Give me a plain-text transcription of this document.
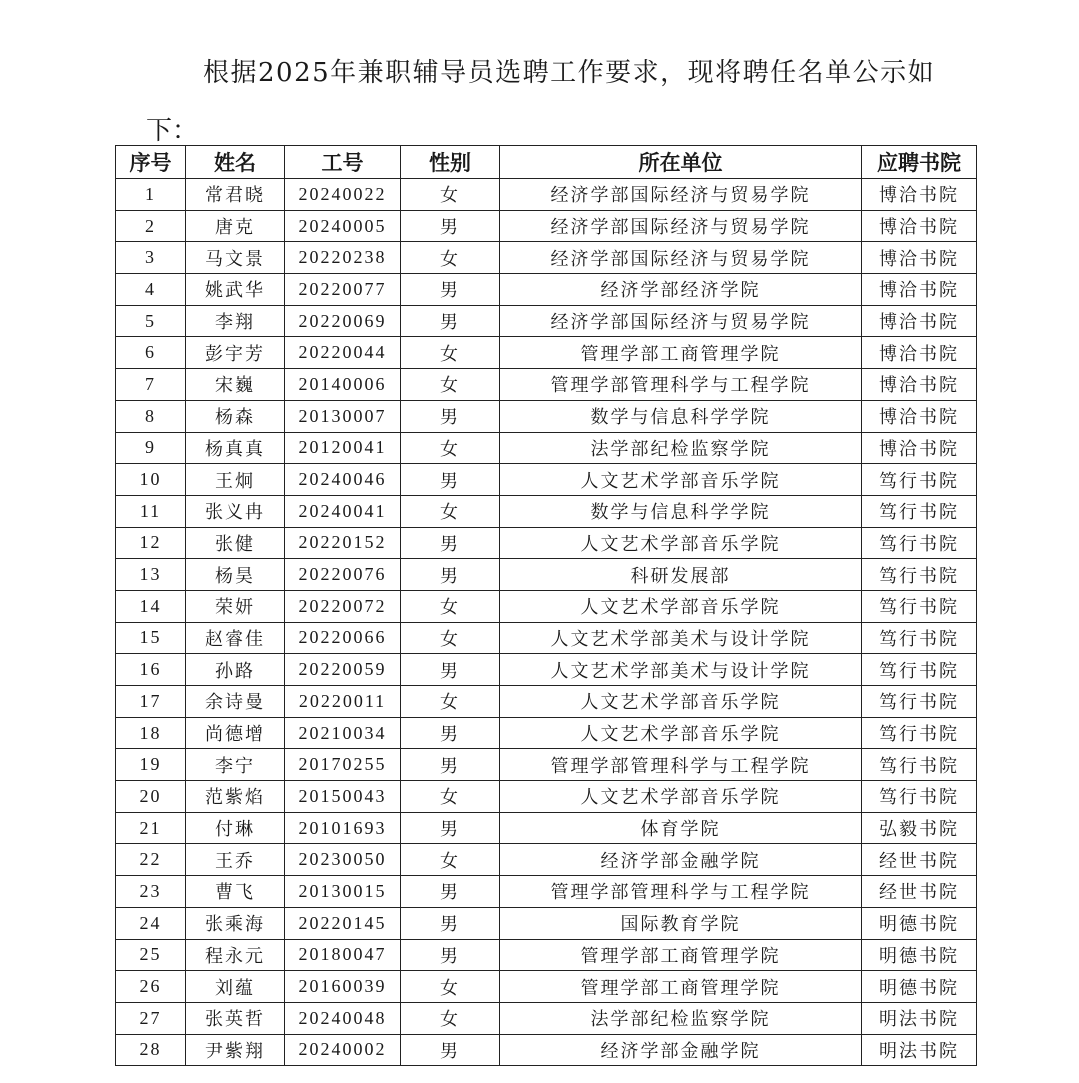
根据2025年兼职辅导员选聘工作要求，现将聘任名单公示如
下：
序号	姓名	工号	性别	所在单位	应聘书院
1	常君晓	20240022	女	经济学部国际经济与贸易学院	博洽书院
2	唐克	20240005	男	经济学部国际经济与贸易学院	博洽书院
3	马文景	20220238	女	经济学部国际经济与贸易学院	博洽书院
4	姚武华	20220077	男	经济学部经济学院	博洽书院
5	李翔	20220069	男	经济学部国际经济与贸易学院	博洽书院
6	彭宇芳	20220044	女	管理学部工商管理学院	博洽书院
7	宋巍	20140006	女	管理学部管理科学与工程学院	博洽书院
8	杨森	20130007	男	数学与信息科学学院	博洽书院
9	杨真真	20120041	女	法学部纪检监察学院	博洽书院
10	王炯	20240046	男	人文艺术学部音乐学院	笃行书院
11	张义冉	20240041	女	数学与信息科学学院	笃行书院
12	张健	20220152	男	人文艺术学部音乐学院	笃行书院
13	杨昊	20220076	男	科研发展部	笃行书院
14	荣妍	20220072	女	人文艺术学部音乐学院	笃行书院
15	赵睿佳	20220066	女	人文艺术学部美术与设计学院	笃行书院
16	孙路	20220059	男	人文艺术学部美术与设计学院	笃行书院
17	余诗曼	20220011	女	人文艺术学部音乐学院	笃行书院
18	尚德增	20210034	男	人文艺术学部音乐学院	笃行书院
19	李宁	20170255	男	管理学部管理科学与工程学院	笃行书院
20	范紫焰	20150043	女	人文艺术学部音乐学院	笃行书院
21	付琳	20101693	男	体育学院	弘毅书院
22	王乔	20230050	女	经济学部金融学院	经世书院
23	曹飞	20130015	男	管理学部管理科学与工程学院	经世书院
24	张乘海	20220145	男	国际教育学院	明德书院
25	程永元	20180047	男	管理学部工商管理学院	明德书院
26	刘蕴	20160039	女	管理学部工商管理学院	明德书院
27	张英哲	20240048	女	法学部纪检监察学院	明法书院
28	尹紫翔	20240002	男	经济学部金融学院	明法书院
